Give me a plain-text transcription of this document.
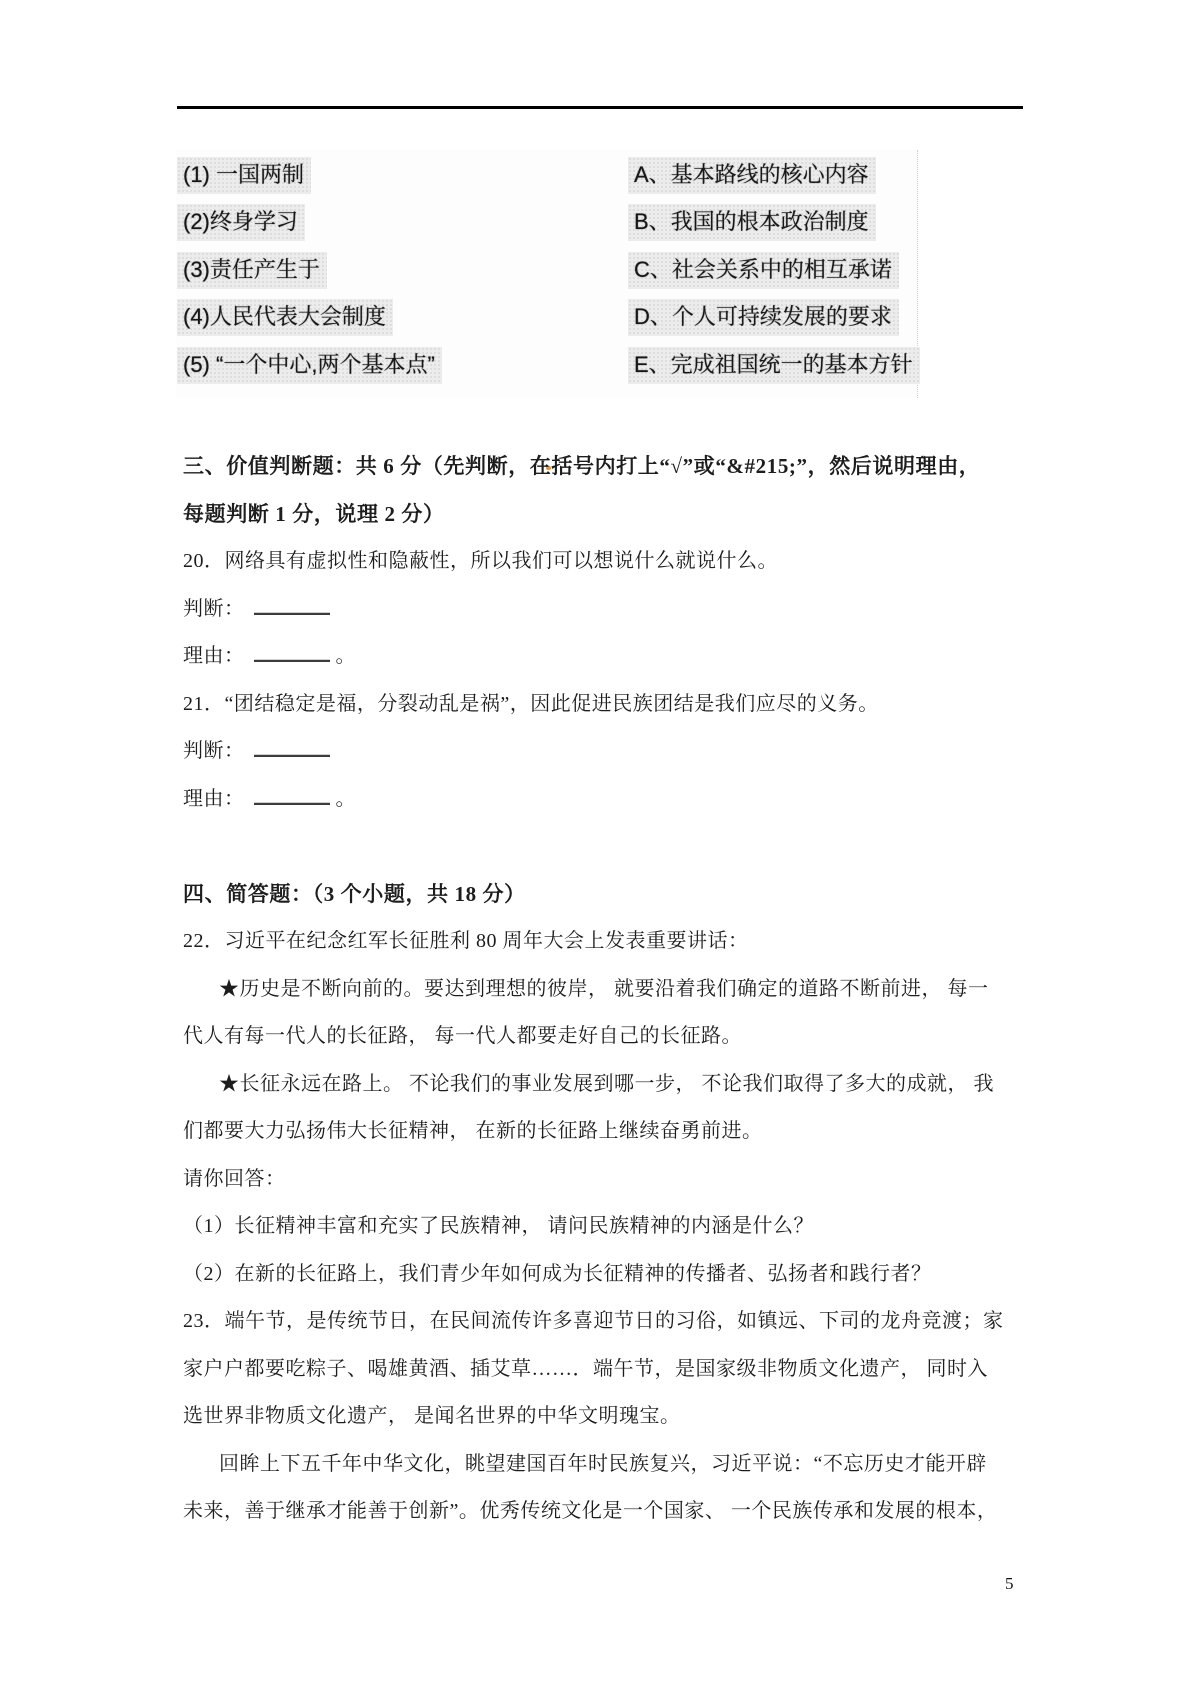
(1) 一国两制	A、基本路线的核心内容
(2)终身学习	B、我国的根本政治制度
(3)责任产生于	C、社会关系中的相互承诺
(4)人民代表大会制度	D、个人可持续发展的要求
(5) “一个中心,两个基本点”	E、完成祖国统一的基本方针
三、价值判断题：共 6 分（先判断，在括号内打上“√”或“&#215;”，然后说明理由，
每题判断 1 分，说理 2 分）
20．网络具有虚拟性和隐蔽性，所以我们可以想说什么就说什么。
判断：
理由：	。
21．“团结稳定是福，分裂动乱是祸”，因此促进民族团结是我们应尽的义务。
判断：
理由：	。
四、简答题：（3 个小题，共 18 分）
22．习近平在纪念红军长征胜利 80 周年大会上发表重要讲话：
★历史是不断向前的。要达到理想的彼岸， 就要沿着我们确定的道路不断前进， 每一
代人有每一代人的长征路， 每一代人都要走好自己的长征路。
★长征永远在路上。 不论我们的事业发展到哪一步， 不论我们取得了多大的成就， 我
们都要大力弘扬伟大长征精神， 在新的长征路上继续奋勇前进。
请你回答：
（1）长征精神丰富和充实了民族精神， 请问民族精神的内涵是什么？
（2）在新的长征路上，我们青少年如何成为长征精神的传播者、弘扬者和践行者？
23．端午节，是传统节日，在民间流传许多喜迎节日的习俗，如镇远、下司的龙舟竞渡；家
家户户都要吃粽子、喝雄黄酒、插艾草……．端午节，是国家级非物质文化遗产， 同时入
选世界非物质文化遗产， 是闻名世界的中华文明瑰宝。
回眸上下五千年中华文化，眺望建国百年时民族复兴，习近平说：“不忘历史才能开辟
未来，善于继承才能善于创新”。优秀传统文化是一个国家、 一个民族传承和发展的根本，
5
